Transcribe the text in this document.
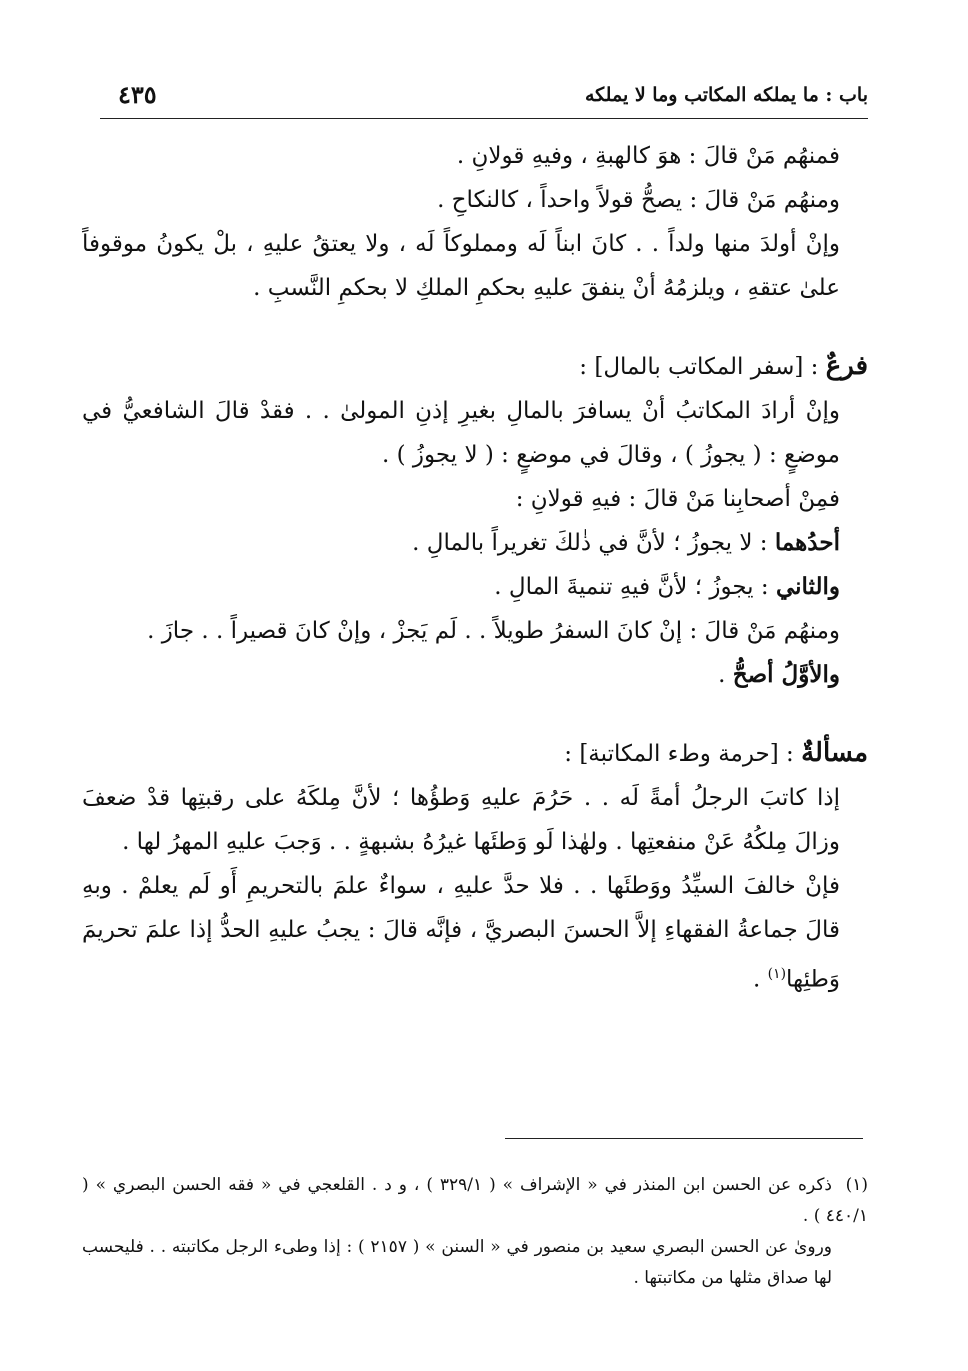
باب : ما يملكه المكاتب وما لا يملكه
٤٣٥

فمنهُم مَنْ قالَ : هوَ كالهبةِ ، وفيهِ قولانِ .

ومنهُم مَنْ قالَ : يصحُّ قولاً واحداً ، كالنكاحِ .

وإنْ أولدَ منها ولداً . . كانَ ابناً لَه ومملوكاً لَه ، ولا يعتقُ عليهِ ، بلْ يكونُ موقوفاً علىٰ عتقهِ ، ويلزمُهُ أنْ ينفقَ عليهِ بحكمِ الملكِ لا بحكمِ النَّسبِ .

فرعٌ : [سفر المكاتب بالمال] :

وإنْ أرادَ المكاتبُ أنْ يسافرَ بالمالِ بغيرِ إذنِ المولىٰ . . فقدْ قالَ الشافعيُّ في موضعٍ : ( يجوزُ ) ، وقالَ في موضعٍ : ( لا يجوزُ ) .

فمِنْ أصحابِنا مَنْ قالَ : فيهِ قولانِ :

أحدُهما : لا يجوزُ ؛ لأنَّ في ذٰلكَ تغريراً بالمالِ .

والثاني : يجوزُ ؛ لأنَّ فيهِ تنميةَ المالِ .

ومنهُم مَنْ قالَ : إنْ كانَ السفرُ طويلاً . . لَم يَجزْ ، وإنْ كانَ قصيراً . . جازَ .

والأوَّلُ أصحُّ .

مسألةٌ : [حرمة وطء المكاتبة] :

إذا كاتبَ الرجلُ أمةً لَه . . حَرُمَ عليهِ وَطؤُها ؛ لأنَّ مِلكَهُ على رقبتِها قدْ ضعفَ وزالَ مِلكُهُ عَنْ منفعتِها . ولهٰذا لَو وَطئَها غيرُهُ بشبهةٍ . . وَجبَ عليهِ المهرُ لها .

فإنْ خالفَ السيِّدُ ووَطئَها . . فلا حدَّ عليهِ ، سواءٌ علمَ بالتحريمِ أَو لَم يعلمْ . وبهِ قالَ جماعةُ الفقهاءِ إلاَّ الحسنَ البصريَّ ، فإنَّه قالَ : يجبُ عليهِ الحدُّ إذا علمَ تحريمَ وَطئِها$^{(١)}$ .

(١)ذكره عن الحسن ابن المنذر في « الإشراف » ( ٣٢٩/١ ) ، و د . القلعجي في « فقه الحسن البصري » ( ٤٤٠/١ ) .

وروىٰ عن الحسن البصري سعيد بن منصور في « السنن » ( ٢١٥٧ ) : إذا وطىء الرجل مكاتبته . . فليحسب لها صداق مثلها من مكاتبتها .
